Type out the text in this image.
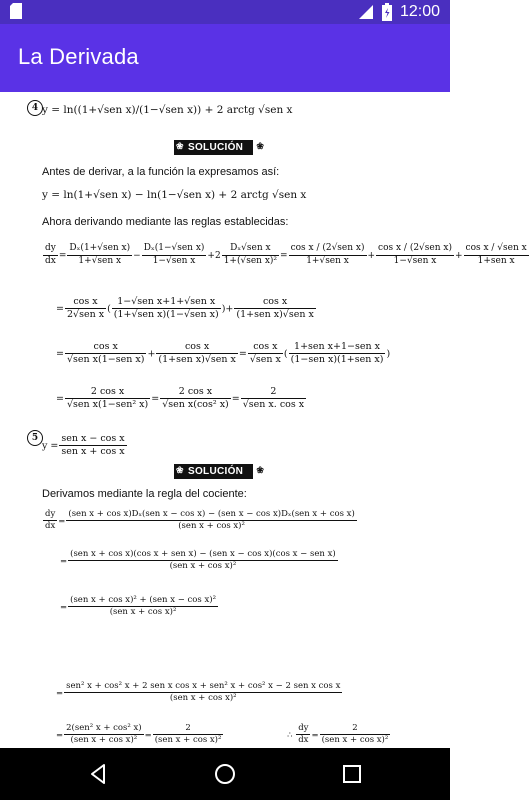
12:00
La Derivada
4 y = ln((1+√sen x)/(1−√sen x)) + 2 arctg √sen x
❀ SOLUCIÓN ❀
Antes de derivar, a la función la expresamos así:
y = ln(1+√sen x) − ln(1−√sen x) + 2 arctg √sen x
Ahora derivando mediante las reglas establecidas:
$\frac{dy}{dx} = \frac{\text{Dₓ(1+√sen x)}}{\text{1+√sen x}} - \frac{\text{Dₓ(1−√sen x)}}{\text{1−√sen x}} +2 \frac{\text{Dₓ√sen x}}{\text{1+(√sen x)²}} = \frac{\text{cos x / (2√sen x)}}{\text{1+√sen x}} + \frac{\text{cos x / (2√sen x)}}{\text{1−√sen x}} + \frac{\text{cos x / √sen x}}{\text{1+sen x}}$
= $\frac{\text{cos x}}{\text{2√sen x}}$ ( $\frac{\text{1−√sen x+1+√sen x}}{\text{(1+√sen x)(1−√sen x)}}$ )+ $\frac{\text{cos x}}{\text{(1+sen x)√sen x}}$
= $\frac{\text{cos x}}{\text{√sen x(1−sen x)}} + \frac{\text{cos x}}{\text{(1+sen x)√sen x}} = \frac{\text{cos x}}{\text{√sen x}}$ ( $\frac{\text{1+sen x+1−sen x}}{\text{(1−sen x)(1+sen x)}}$ )
= $\frac{\text{2 cos x}}{\text{√sen x(1−sen² x)}} = \frac{\text{2 cos x}}{\text{√sen x(cos² x)}} = \frac{2}{\text{√sen x. cos x}}$
5
$y = \frac{\text{sen x − cos x}}{\text{sen x + cos x}}$
❀ SOLUCIÓN ❀
Derivamos mediante la regla del cociente:
$\frac{dy}{dx}$ =
(sen x + cos x)Dₓ(sen x − cos x) − (sen x − cos x)Dₓ(sen x + cos x)
(sen x + cos x)²
=
(sen x + cos x)(cos x + sen x) − (sen x − cos x)(cos x − sen x)
(sen x + cos x)²
= $\frac{\text{(sen x + cos x)² + (sen x − cos x)²}}{\text{(sen x + cos x)²}}$
=
sen² x + cos² x + 2 sen x cos x + sen² x + cos² x − 2 sen x cos x
(sen x + cos x)²
= $\frac{\text{2(sen² x + cos² x)}}{\text{(sen x + cos x)²}} = \frac{2}{\text{(sen x + cos x)²}}$	∴ $\frac{dy}{dx} = \frac{2}{\text{(sen x + cos x)²}}$
